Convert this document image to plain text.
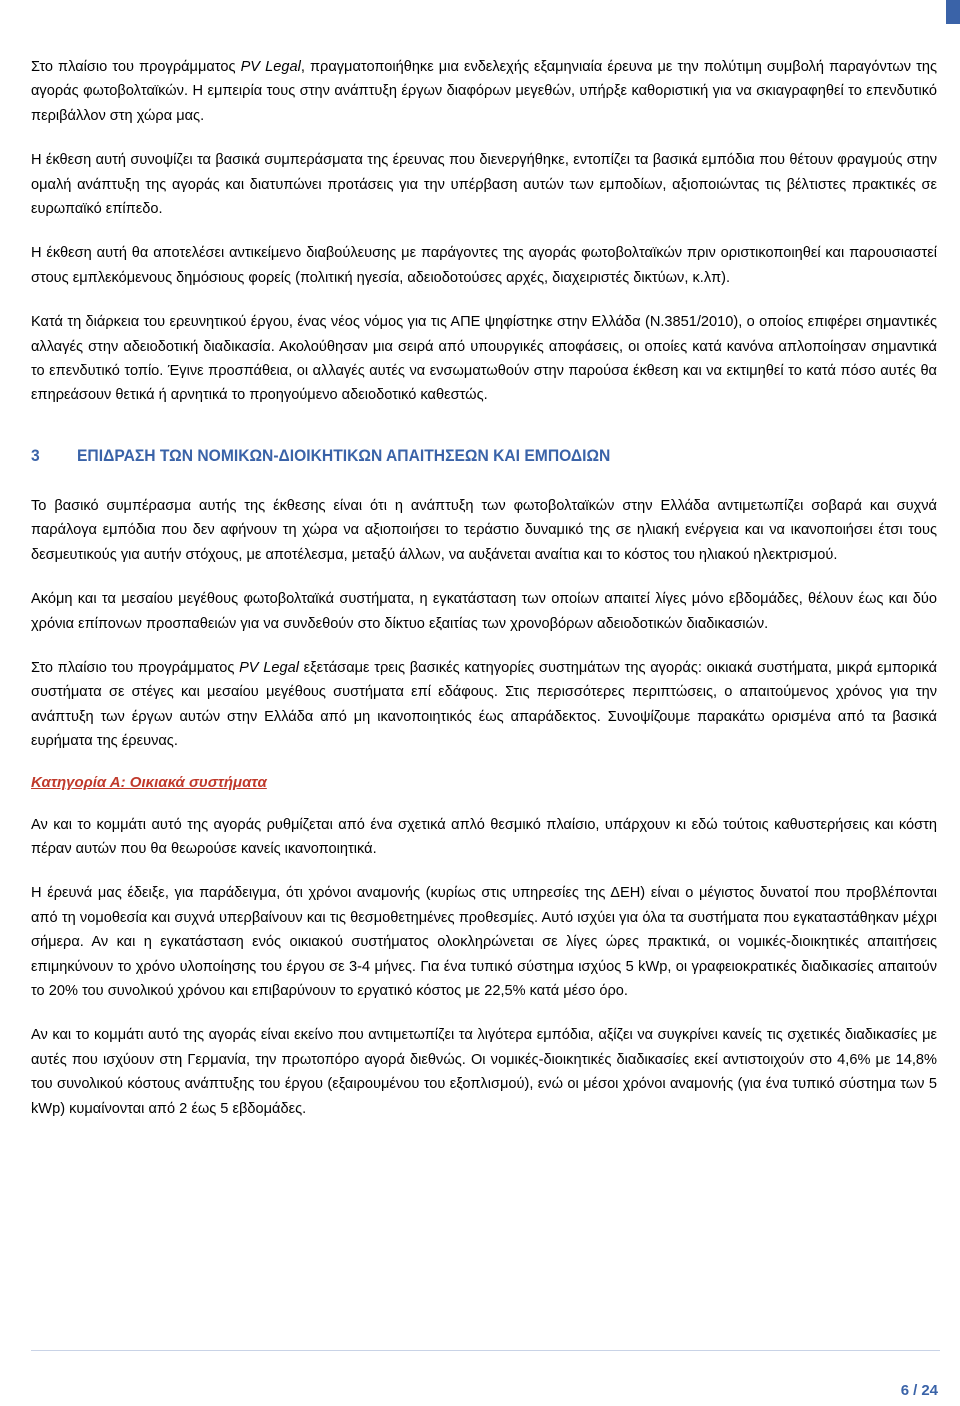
Στο πλαίσιο του προγράμματος PV Legal, πραγματοποιήθηκε μια ενδελεχής εξαμηνιαία έρευνα με την πολύτιμη συμβολή παραγόντων της αγοράς φωτοβολταϊκών. Η εμπειρία τους στην ανάπτυξη έργων διαφόρων μεγεθών, υπήρξε καθοριστική για να σκιαγραφηθεί το επενδυτικό περιβάλλον στη χώρα μας.

Η έκθεση αυτή συνοψίζει τα βασικά συμπεράσματα της έρευνας που διενεργήθηκε, εντοπίζει τα βασικά εμπόδια που θέτουν φραγμούς στην ομαλή ανάπτυξη της αγοράς και διατυπώνει προτάσεις για την υπέρβαση αυτών των εμποδίων, αξιοποιώντας τις βέλτιστες πρακτικές σε ευρωπαϊκό επίπεδο.

Η έκθεση αυτή θα αποτελέσει αντικείμενο διαβούλευσης με παράγοντες της αγοράς φωτοβολταϊκών πριν οριστικοποιηθεί και παρουσιαστεί στους εμπλεκόμενους δημόσιους φορείς (πολιτική ηγεσία, αδειοδοτούσες αρχές, διαχειριστές δικτύων, κ.λπ).

Κατά τη διάρκεια του ερευνητικού έργου, ένας νέος νόμος για τις ΑΠΕ ψηφίστηκε στην Ελλάδα (Ν.3851/2010), ο οποίος επιφέρει σημαντικές αλλαγές στην αδειοδοτική διαδικασία. Ακολούθησαν μια σειρά από υπουργικές αποφάσεις, οι οποίες κατά κανόνα απλοποίησαν σημαντικά το επενδυτικό τοπίο. Έγινε προσπάθεια, οι αλλαγές αυτές να ενσωματωθούν στην παρούσα έκθεση και να εκτιμηθεί το κατά πόσο αυτές θα επηρεάσουν θετικά ή αρνητικά το προηγούμενο αδειοδοτικό καθεστώς.

3	ΕΠΙΔΡΑΣΗ ΤΩΝ ΝΟΜΙΚΩΝ-ΔΙΟΙΚΗΤΙΚΩΝ ΑΠΑΙΤΗΣΕΩΝ ΚΑΙ ΕΜΠΟΔΙΩΝ

Το βασικό συμπέρασμα αυτής της έκθεσης είναι ότι η ανάπτυξη των φωτοβολταϊκών στην Ελλάδα αντιμετωπίζει σοβαρά και συχνά παράλογα εμπόδια που δεν αφήνουν τη χώρα να αξιοποιήσει το τεράστιο δυναμικό της σε ηλιακή ενέργεια και να ικανοποιήσει έτσι τους δεσμευτικούς για αυτήν στόχους, με αποτέλεσμα, μεταξύ άλλων, να αυξάνεται αναίτια και το κόστος του ηλιακού ηλεκτρισμού.

Ακόμη και τα μεσαίου μεγέθους φωτοβολταϊκά συστήματα, η εγκατάσταση των οποίων απαιτεί λίγες μόνο εβδομάδες, θέλουν έως και δύο χρόνια επίπονων προσπαθειών για να συνδεθούν στο δίκτυο εξαιτίας των χρονοβόρων αδειοδοτικών διαδικασιών.

Στο πλαίσιο του προγράμματος PV Legal εξετάσαμε τρεις βασικές κατηγορίες συστημάτων της αγοράς: οικιακά συστήματα, μικρά εμπορικά συστήματα σε στέγες και μεσαίου μεγέθους συστήματα επί εδάφους. Στις περισσότερες περιπτώσεις, ο απαιτούμενος χρόνος για την ανάπτυξη των έργων αυτών στην Ελλάδα από μη ικανοποιητικός έως απαράδεκτος. Συνοψίζουμε παρακάτω ορισμένα από τα βασικά ευρήματα της έρευνας.

Κατηγορία Α: Οικιακά συστήματα

Αν και το κομμάτι αυτό της αγοράς ρυθμίζεται από ένα σχετικά απλό θεσμικό πλαίσιο, υπάρχουν κι εδώ τούτοις καθυστερήσεις και κόστη πέραν αυτών που θα θεωρούσε κανείς ικανοποιητικά.

Η έρευνά μας έδειξε, για παράδειγμα, ότι χρόνοι αναμονής (κυρίως στις υπηρεσίες της ΔΕΗ) είναι ο μέγιστος δυνατοί που προβλέπονται από τη νομοθεσία και συχνά υπερβαίνουν και τις θεσμοθετημένες προθεσμίες. Αυτό ισχύει για όλα τα συστήματα που εγκαταστάθηκαν μέχρι σήμερα. Αν και η εγκατάσταση ενός οικιακού συστήματος ολοκληρώνεται σε λίγες ώρες πρακτικά, οι νομικές-διοικητικές απαιτήσεις επιμηκύνουν το χρόνο υλοποίησης του έργου σε 3-4 μήνες. Για ένα τυπικό σύστημα ισχύος 5 kWp, οι γραφειοκρατικές διαδικασίες απαιτούν το 20% του συνολικού χρόνου και επιβαρύνουν το εργατικό κόστος με 22,5% κατά μέσο όρο.

Αν και το κομμάτι αυτό της αγοράς είναι εκείνο που αντιμετωπίζει τα λιγότερα εμπόδια, αξίζει να συγκρίνει κανείς τις σχετικές διαδικασίες με αυτές που ισχύουν στη Γερμανία, την πρωτοπόρο αγορά διεθνώς. Οι νομικές-διοικητικές διαδικασίες εκεί αντιστοιχούν στο 4,6% με 14,8% του συνολικού κόστους ανάπτυξης του έργου (εξαιρουμένου του εξοπλισμού), ενώ οι μέσοι χρόνοι αναμονής (για ένα τυπικό σύστημα των 5 kWp) κυμαίνονται από 2 έως 5 εβδομάδες.

6 / 24
